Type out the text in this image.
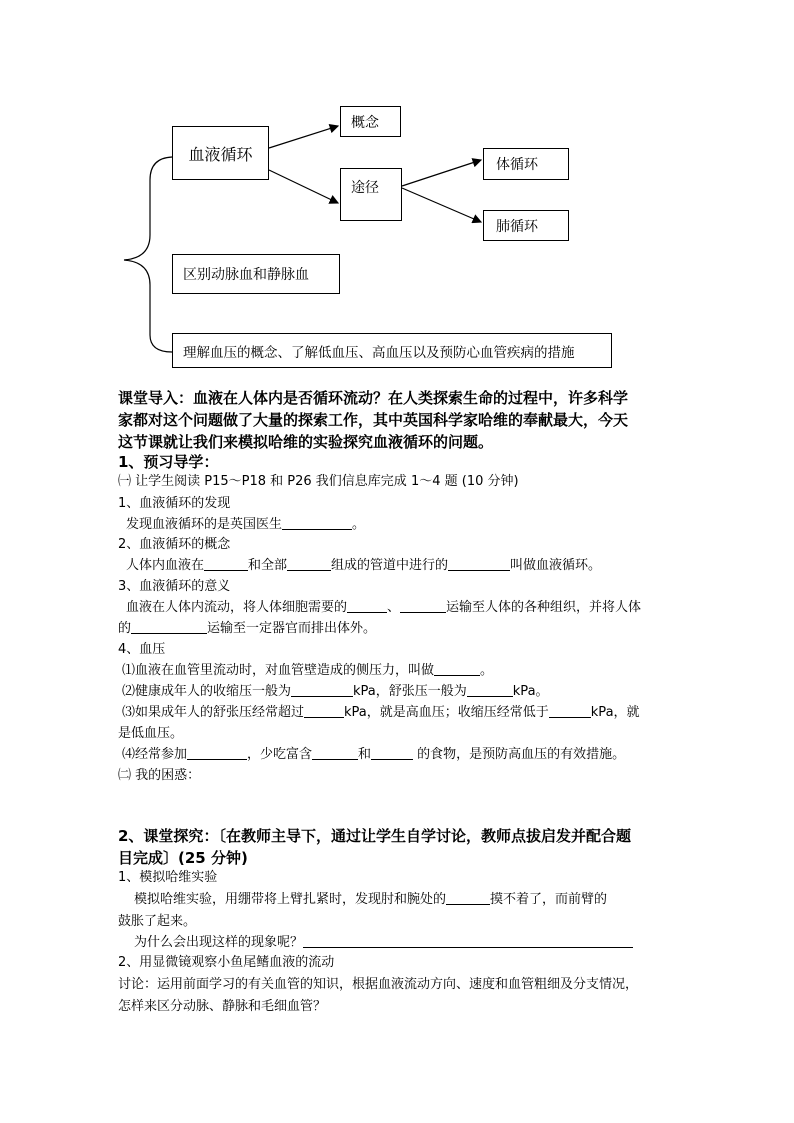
血液循环
概念
途径
体循环
肺循环
区别动脉血和静脉血
理解血压的概念、了解低血压、高血压以及预防心血管疾病的措施
课堂导入：血液在人体内是否循环流动？在人类探索生命的过程中，许多科学
家都对这个问题做了大量的探索工作，其中英国科学家哈维的奉献最大，今天
这节课就让我们来模拟哈维的实验探究血液循环的问题。
1、预习导学：
㈠ 让学生阅读 P15～P18 和 P26 我们信息库完成 1～4 题 (10 分钟)
1、血液循环的发现
发现血液循环的是英国医生	。
2、血液循环的概念
人体内血液在	和全部	组成的管道中进行的	叫做血液循环。
3、血液循环的意义
血液在人体内流动，将人体细胞需要的	、	运输至人体的各种组织，并将人体
的	运输至一定器官而排出体外。
4、血压
⑴血液在血管里流动时，对血管壁造成的侧压力，叫做	。
⑵健康成年人的收缩压一般为	kPa，舒张压一般为	kPa。
⑶如果成年人的舒张压经常超过	kPa，就是高血压；收缩压经常低于	kPa，就
是低血压。
⑷经常参加	，少吃富含	和	的食物，是预防高血压的有效措施。
㈡ 我的困惑：
2、课堂探究：〔在教师主导下，通过让学生自学讨论，教师点拔启发并配合题
目完成〕(25 分钟)
1、模拟哈维实验
模拟哈维实验，用绷带将上臂扎紧时，发现肘和腕处的	摸不着了，而前臂的
鼓胀了起来。
为什么会出现这样的现象呢？
2、用显微镜观察小鱼尾鳍血液的流动
讨论：运用前面学习的有关血管的知识，根据血液流动方向、速度和血管粗细及分支情况，
怎样来区分动脉、静脉和毛细血管？
